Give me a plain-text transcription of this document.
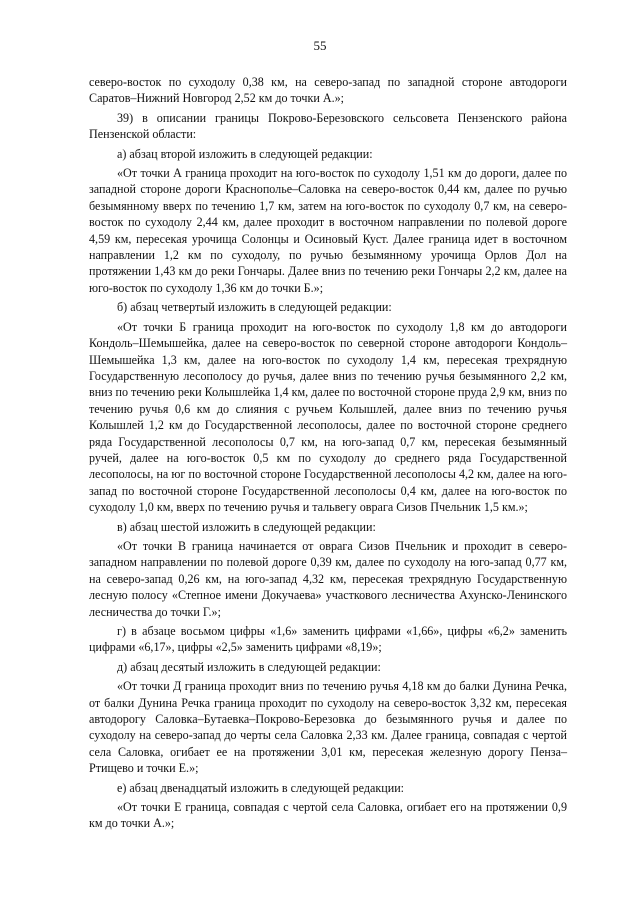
55

северо-восток по суходолу 0,38 км, на северо-запад по западной стороне автодороги Саратов–Нижний Новгород 2,52 км до точки А.»;

39) в описании границы Покрово-Березовского сельсовета Пензенского района Пензенской области:

а) абзац второй изложить в следующей редакции:

«От точки А граница проходит на юго-восток по суходолу 1,51 км до дороги, далее по западной стороне дороги Краснополье–Саловка на северо-восток 0,44 км, далее по ручью безымянному вверх по течению 1,7 км, затем на юго-восток по суходолу 0,7 км, на северо-восток по суходолу 2,44 км, далее проходит в восточном направлении по полевой дороге 4,59 км, пересекая урочища Солонцы и Осиновый Куст. Далее граница идет в восточном направлении 1,2 км по суходолу, по ручью безымянному урочища Орлов Дол на протяжении 1,43 км до реки Гончары. Далее вниз по течению реки Гончары 2,2 км, далее на юго-восток по суходолу 1,36 км до точки Б.»;

б) абзац четвертый изложить в следующей редакции:

«От точки Б граница проходит на юго-восток по суходолу 1,8 км до автодороги Кондоль–Шемышейка, далее на северо-восток по северной стороне автодороги Кондоль–Шемышейка 1,3 км, далее на юго-восток по суходолу 1,4 км, пересекая трехрядную Государственную лесополосу до ручья, далее вниз по течению ручья безымянного 2,2 км, вниз по течению реки Колышлейка 1,4 км, далее по восточной стороне пруда 2,9 км, вниз по течению ручья 0,6 км до слияния с ручьем Колышлей, далее вниз по течению ручья Колышлей 1,2 км до Государственной лесополосы, далее по восточной стороне среднего ряда Государственной лесополосы 0,7 км, на юго-запад 0,7 км, пересекая безымянный ручей, далее на юго-восток 0,5 км по суходолу до среднего ряда Государственной лесополосы, на юг по восточной стороне Государственной лесополосы 4,2 км, далее на юго-запад по восточной стороне Государственной лесополосы 0,4 км, далее на юго-восток по суходолу 1,0 км, вверх по течению ручья и тальвегу оврага Сизов Пчельник 1,5 км.»;

в) абзац шестой изложить в следующей редакции:

«От точки В граница начинается от оврага Сизов Пчельник и проходит в северо-западном направлении по полевой дороге 0,39 км, далее по суходолу на юго-запад 0,77 км, на северо-запад 0,26 км, на юго-запад 4,32 км, пересекая трехрядную Государственную лесную полосу «Степное имени Докучаева» участкового лесничества Ахунско-Ленинского лесничества до точки Г.»;

г) в абзаце восьмом цифры «1,6» заменить цифрами «1,66», цифры «6,2» заменить цифрами «6,17», цифры «2,5» заменить цифрами «8,19»;

д) абзац десятый изложить в следующей редакции:

«От точки Д граница проходит вниз по течению ручья 4,18 км до балки Дунина Речка, от балки Дунина Речка граница проходит по суходолу на северо-восток 3,32 км, пересекая автодорогу Саловка–Бутаевка–Покрово-Березовка до безымянного ручья и далее по суходолу на северо-запад до черты села Саловка 2,33 км. Далее граница, совпадая с чертой села Саловка, огибает ее на протяжении 3,01 км, пересекая железную дорогу Пенза–Ртищево и точки Е.»;

е) абзац двенадцатый изложить в следующей редакции:

«От точки Е граница, совпадая с чертой села Саловка, огибает его на протяжении 0,9 км до точки А.»;
